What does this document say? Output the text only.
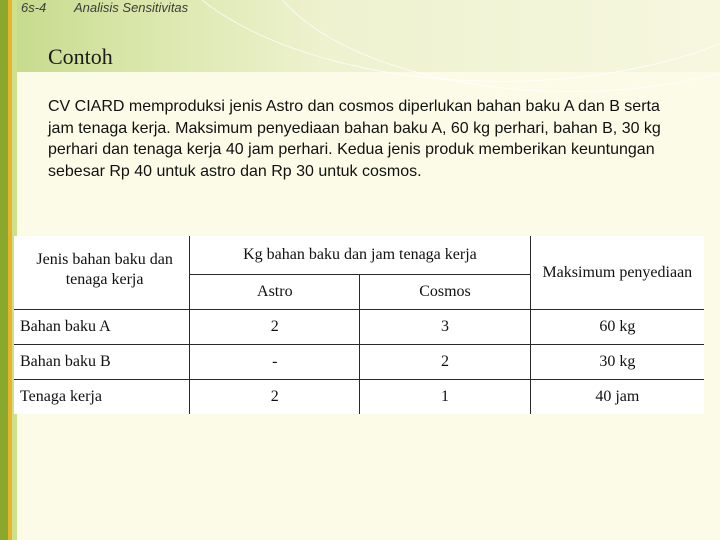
6s-4 Analisis Sensitivitas
Contoh
CV CIARD memproduksi jenis Astro dan cosmos diperlukan bahan baku A dan B serta jam tenaga kerja. Maksimum penyediaan bahan baku A, 60 kg perhari, bahan B, 30 kg perhari dan tenaga kerja 40 jam perhari. Kedua jenis produk memberikan keuntungan sebesar Rp 40 untuk astro dan Rp 30 untuk cosmos.
Jenis bahan baku dan tenaga kerja	Kg bahan baku dan jam tenaga kerja		Maksimum penyediaan
	Astro	Cosmos	
Bahan baku A	2	3	60 kg
Bahan baku B	-	2	30 kg
Tenaga kerja	2	1	40 jam
